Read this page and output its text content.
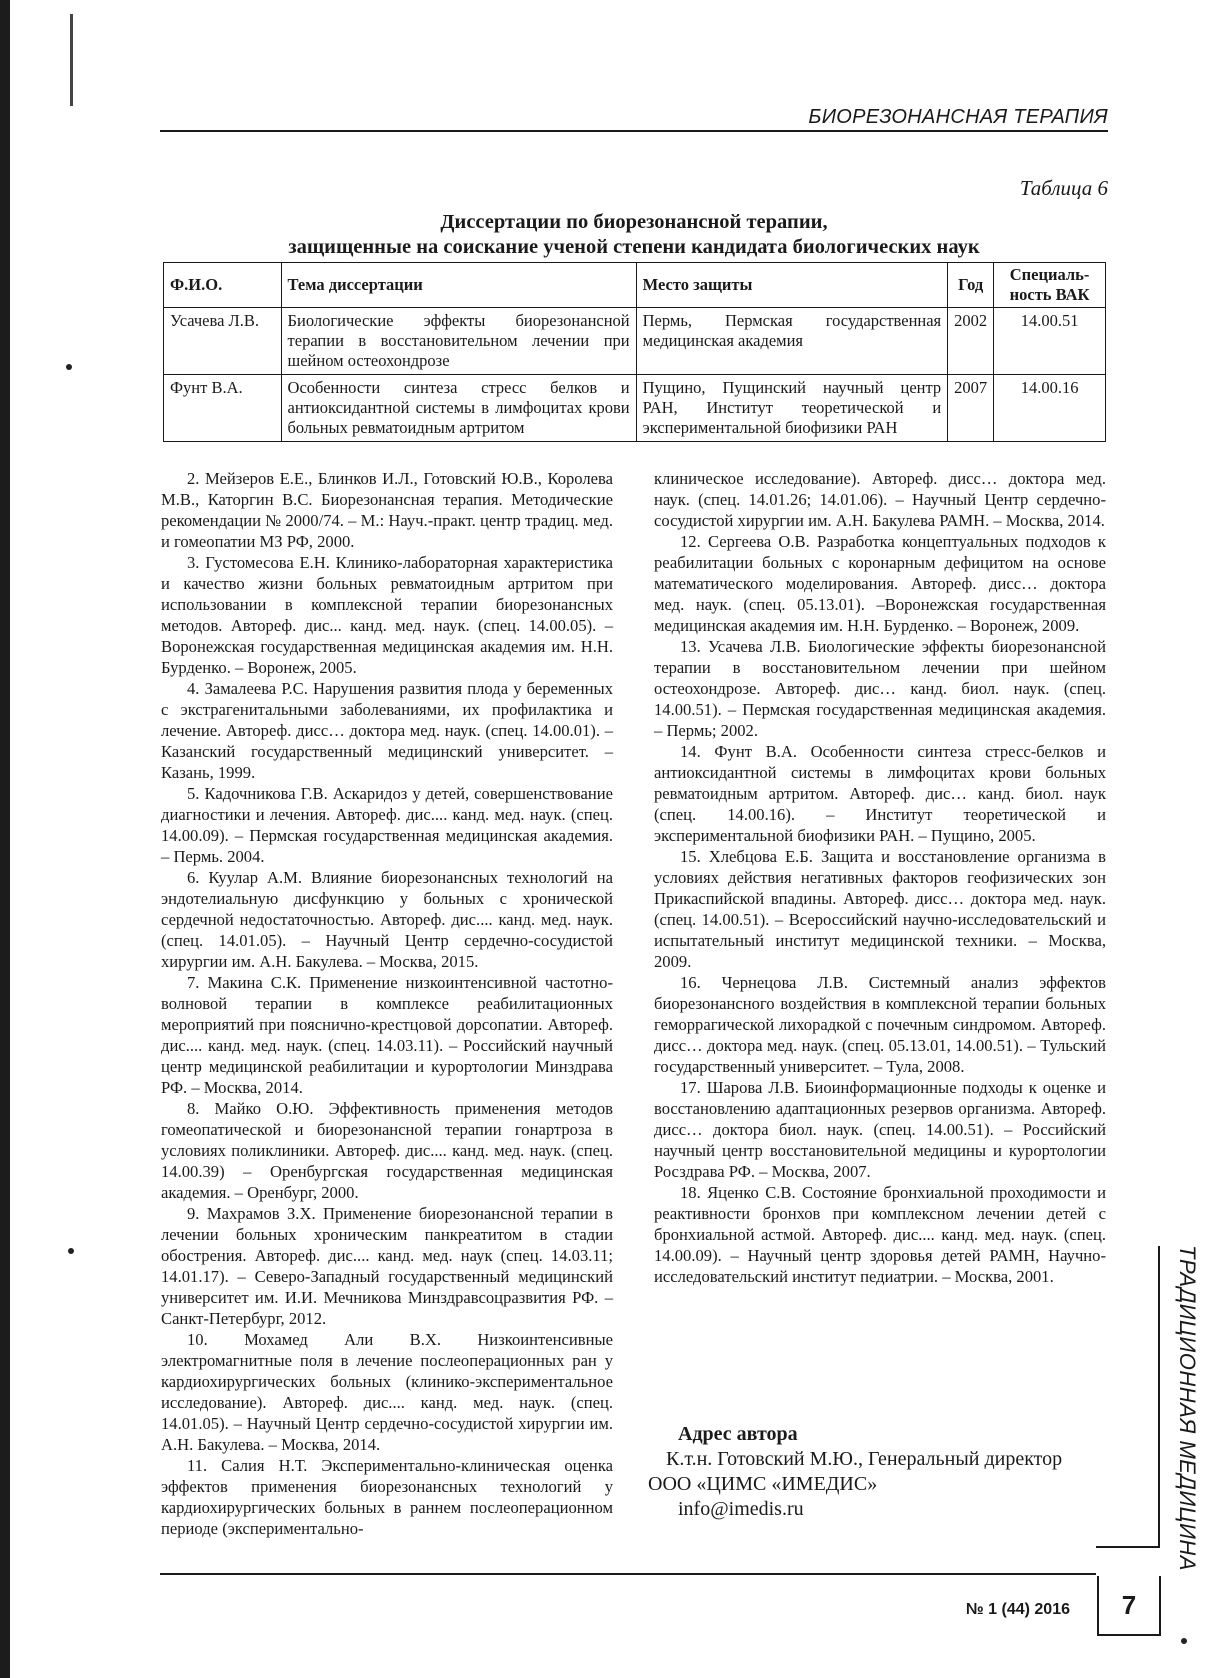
БИОРЕЗОНАНСНАЯ ТЕРАПИЯ
Таблица 6
Диссертации по биорезонансной терапии,
защищенные на соискание ученой степени кандидата биологических наук
Ф.И.О.	Тема диссертации	Место защиты	Год	Специаль-ность ВАК
Усачева Л.В.	Биологические эффекты биорезонансной терапии в восстановительном лечении при шейном остеохондрозе	Пермь, Пермская государственная медицинская академия	2002	14.00.51
Фунт В.А.	Особенности синтеза стресс белков и антиоксидантной системы в лимфоцитах крови больных ревматоидным артритом	Пущино, Пущинский научный центр РАН, Институт теоретической и экспериментальной биофизики РАН	2007	14.00.16

2. Мейзеров Е.Е., Блинков И.Л., Готовский Ю.В., Королева М.В., Каторгин В.С. Биорезонансная терапия. Методические рекомендации № 2000/74. – М.: Науч.-практ. центр традиц. мед. и гомеопатии МЗ РФ, 2000.

3. Густомесова Е.Н. Клинико-лабораторная характеристика и качество жизни больных ревматоидным артритом при использовании в комплексной терапии биорезонансных методов. Автореф. дис... канд. мед. наук. (спец. 14.00.05). – Воронежская государственная медицинская академия им. Н.Н. Бурденко. – Воронеж, 2005.

4. Замалеева Р.С. Нарушения развития плода у беременных с экстрагенитальными заболеваниями, их профилактика и лечение. Автореф. дисс… доктора мед. наук. (спец. 14.00.01). – Казанский государственный медицинский университет. – Казань, 1999.

5. Кадочникова Г.В. Аскаридоз у детей, совершенствование диагностики и лечения. Автореф. дис.... канд. мед. наук. (спец. 14.00.09). – Пермская государственная медицинская академия. – Пермь. 2004.

6. Куулар А.М. Влияние биорезонансных технологий на эндотелиальную дисфункцию у больных с хронической сердечной недостаточностью. Автореф. дис.... канд. мед. наук. (спец. 14.01.05). – Научный Центр сердечно-сосудистой хирургии им. А.Н. Бакулева. – Москва, 2015.

7. Макина С.К. Применение низкоинтенсивной частотно-волновой терапии в комплексе реабилитационных мероприятий при пояснично-крестцовой дорсопатии. Автореф. дис.... канд. мед. наук. (спец. 14.03.11). – Российский научный центр медицинской реабилитации и курортологии Минздрава РФ. – Москва, 2014.

8. Майко О.Ю. Эффективность применения методов гомеопатической и биорезонансной терапии гонартроза в условиях поликлиники. Автореф. дис.... канд. мед. наук. (спец. 14.00.39) – Оренбургская государственная медицинская академия. – Оренбург, 2000.

9. Махрамов З.Х. Применение биорезонансной терапии в лечении больных хроническим панкреатитом в стадии обострения. Автореф. дис.... канд. мед. наук (спец. 14.03.11; 14.01.17). – Северо-Западный государственный медицинский университет им. И.И. Мечникова Минздравсоцразвития РФ. – Санкт-Петербург, 2012.

10. Мохамед Али В.Х. Низкоинтенсивные электромагнитные поля в лечение послеоперационных ран у кардиохирургических больных (клинико-экспериментальное исследование). Автореф. дис.... канд. мед. наук. (спец. 14.01.05). – Научный Центр сердечно-сосудистой хирургии им. А.Н. Бакулева. – Москва, 2014.

11. Салия Н.Т. Экспериментально-клиническая оценка эффектов применения биорезонансных технологий у кардиохирургических больных в раннем послеоперационном периоде (экспериментально-

клиническое исследование). Автореф. дисс… доктора мед. наук. (спец. 14.01.26; 14.01.06). – Научный Центр сердечно-сосудистой хирургии им. А.Н. Бакулева РАМН. – Москва, 2014.

12. Сергеева О.В. Разработка концептуальных подходов к реабилитации больных с коронарным дефицитом на основе математического моделирования. Автореф. дисс… доктора мед. наук. (спец. 05.13.01). –Воронежская государственная медицинская академия им. Н.Н. Бурденко. – Воронеж, 2009.

13. Усачева Л.В. Биологические эффекты биорезонансной терапии в восстановительном лечении при шейном остеохондрозе. Автореф. дис… канд. биол. наук. (спец. 14.00.51). – Пермская государственная медицинская академия. – Пермь; 2002.

14. Фунт В.А. Особенности синтеза стресс-белков и антиоксидантной системы в лимфоцитах крови больных ревматоидным артритом. Автореф. дис… канд. биол. наук (спец. 14.00.16). – Институт теоретической и экспериментальной биофизики РАН. – Пущино, 2005.

15. Хлебцова Е.Б. Защита и восстановление организма в условиях действия негативных факторов геофизических зон Прикаспийской впадины. Автореф. дисс… доктора мед. наук. (спец. 14.00.51). – Всероссийский научно-исследовательский и испытательный институт медицинской техники. – Москва, 2009.

16. Чернецова Л.В. Системный анализ эффектов биорезонансного воздействия в комплексной терапии больных геморрагической лихорадкой с почечным синдромом. Автореф. дисс… доктора мед. наук. (спец. 05.13.01, 14.00.51). – Тульский государственный университет. – Тула, 2008.

17. Шарова Л.В. Биоинформационные подходы к оценке и восстановлению адаптационных резервов организма. Автореф. дисс… доктора биол. наук. (спец. 14.00.51). – Российский научный центр восстановительной медицины и курортологии Росздрава РФ. – Москва, 2007.

18. Яценко С.В. Состояние бронхиальной проходимости и реактивности бронхов при комплексном лечении детей с бронхиальной астмой. Автореф. дис.... канд. мед. наук. (спец. 14.00.09). – Научный центр здоровья детей РАМН, Научно-исследовательский институт педиатрии. – Москва, 2001.

Адрес автора
К.т.н. Готовский М.Ю., Генеральный директор
ООО «ЦИМС «ИМЕДИС»
info@imedis.ru	ТРАДИЦИОННАЯ МЕДИЦИНА
№ 1 (44) 2016 7
